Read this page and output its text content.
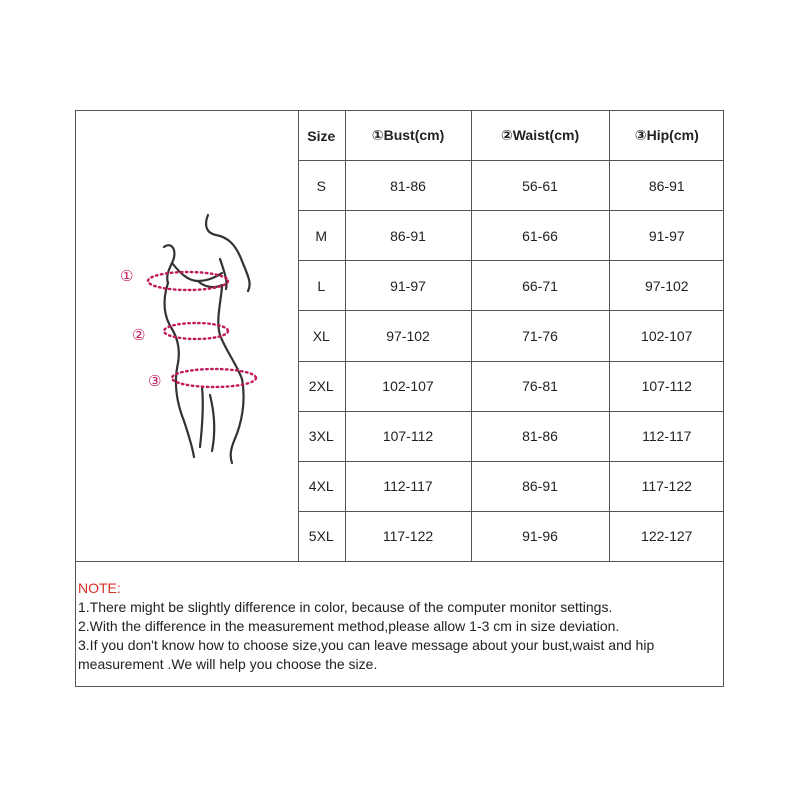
①
②
③
Size	①Bust(cm)	②Waist(cm)	③Hip(cm)
S	81-86	56-61	86-91
M	86-91	61-66	91-97
L	91-97	66-71	97-102
XL	97-102	71-76	102-107
2XL	102-107	76-81	107-112
3XL	107-112	81-86	112-117
4XL	112-117	86-91	117-122
5XL	117-122	91-96	122-127
NOTE:
1.There might be slightly difference in color, because of the computer monitor settings.
2.With the difference in the measurement method,please allow 1-3 cm in size deviation.
3.If you don't know how to choose size,you can leave message about your bust,waist and hip measurement .We will help you choose the size.
